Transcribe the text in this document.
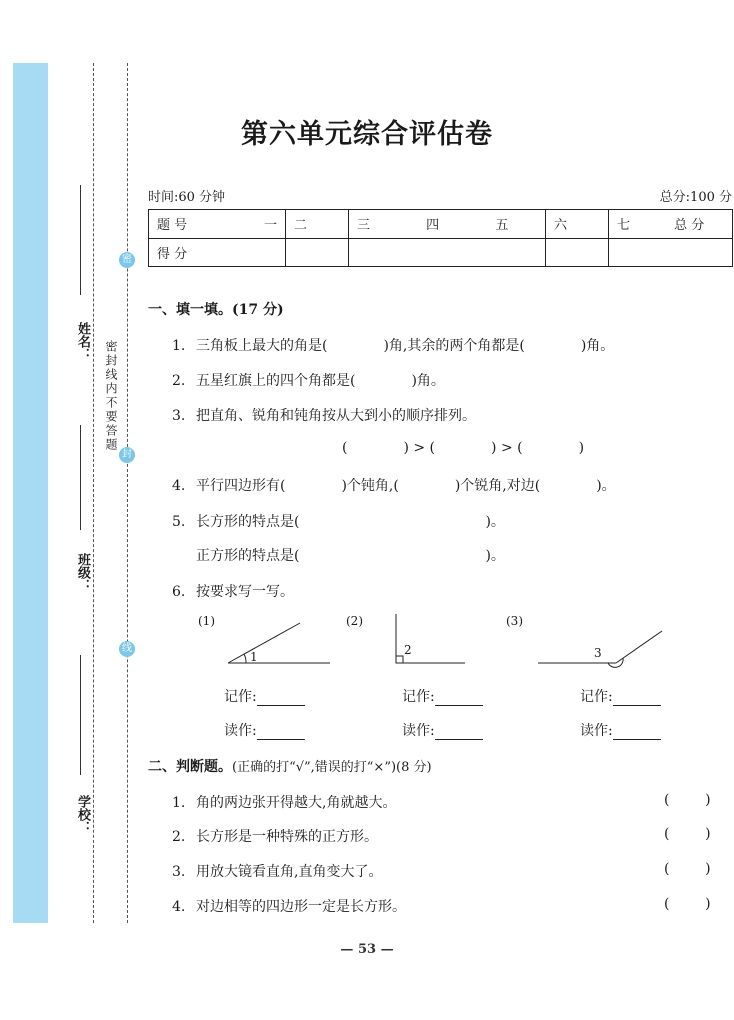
密
封
线
密封线内不要答题
姓名：
班级：
学校：
第六单元综合评估卷
时间:60 分钟	总分:100 分
题 号 一	二	三 四 五	六	七 总 分
得 分				
一、填一填。(17 分)
1. 三角板上最大的角是(	)角,其余的两个角都是(	)角。
2. 五星红旗上的四个角都是(	)角。
3. 把直角、锐角和钝角按从大到小的顺序排列。
(	) > (	) > (	)
4. 平行四边形有(	)个钝角,(	)个锐角,对边(	)。
5. 长方形的特点是(	)。
正方形的特点是(	)。
6. 按要求写一写。
(1)	(2)	(3)
1	2	3
记作:	记作:	记作:
读作:	读作:	读作:
二、判断题。(正确的打“√”,错误的打“×”)(8 分)
1. 角的两边张开得越大,角就越大。	(        )
2. 长方形是一种特殊的正方形。	(        )
3. 用放大镜看直角,直角变大了。	(        )
4. 对边相等的四边形一定是长方形。	(        )
— 53 —
